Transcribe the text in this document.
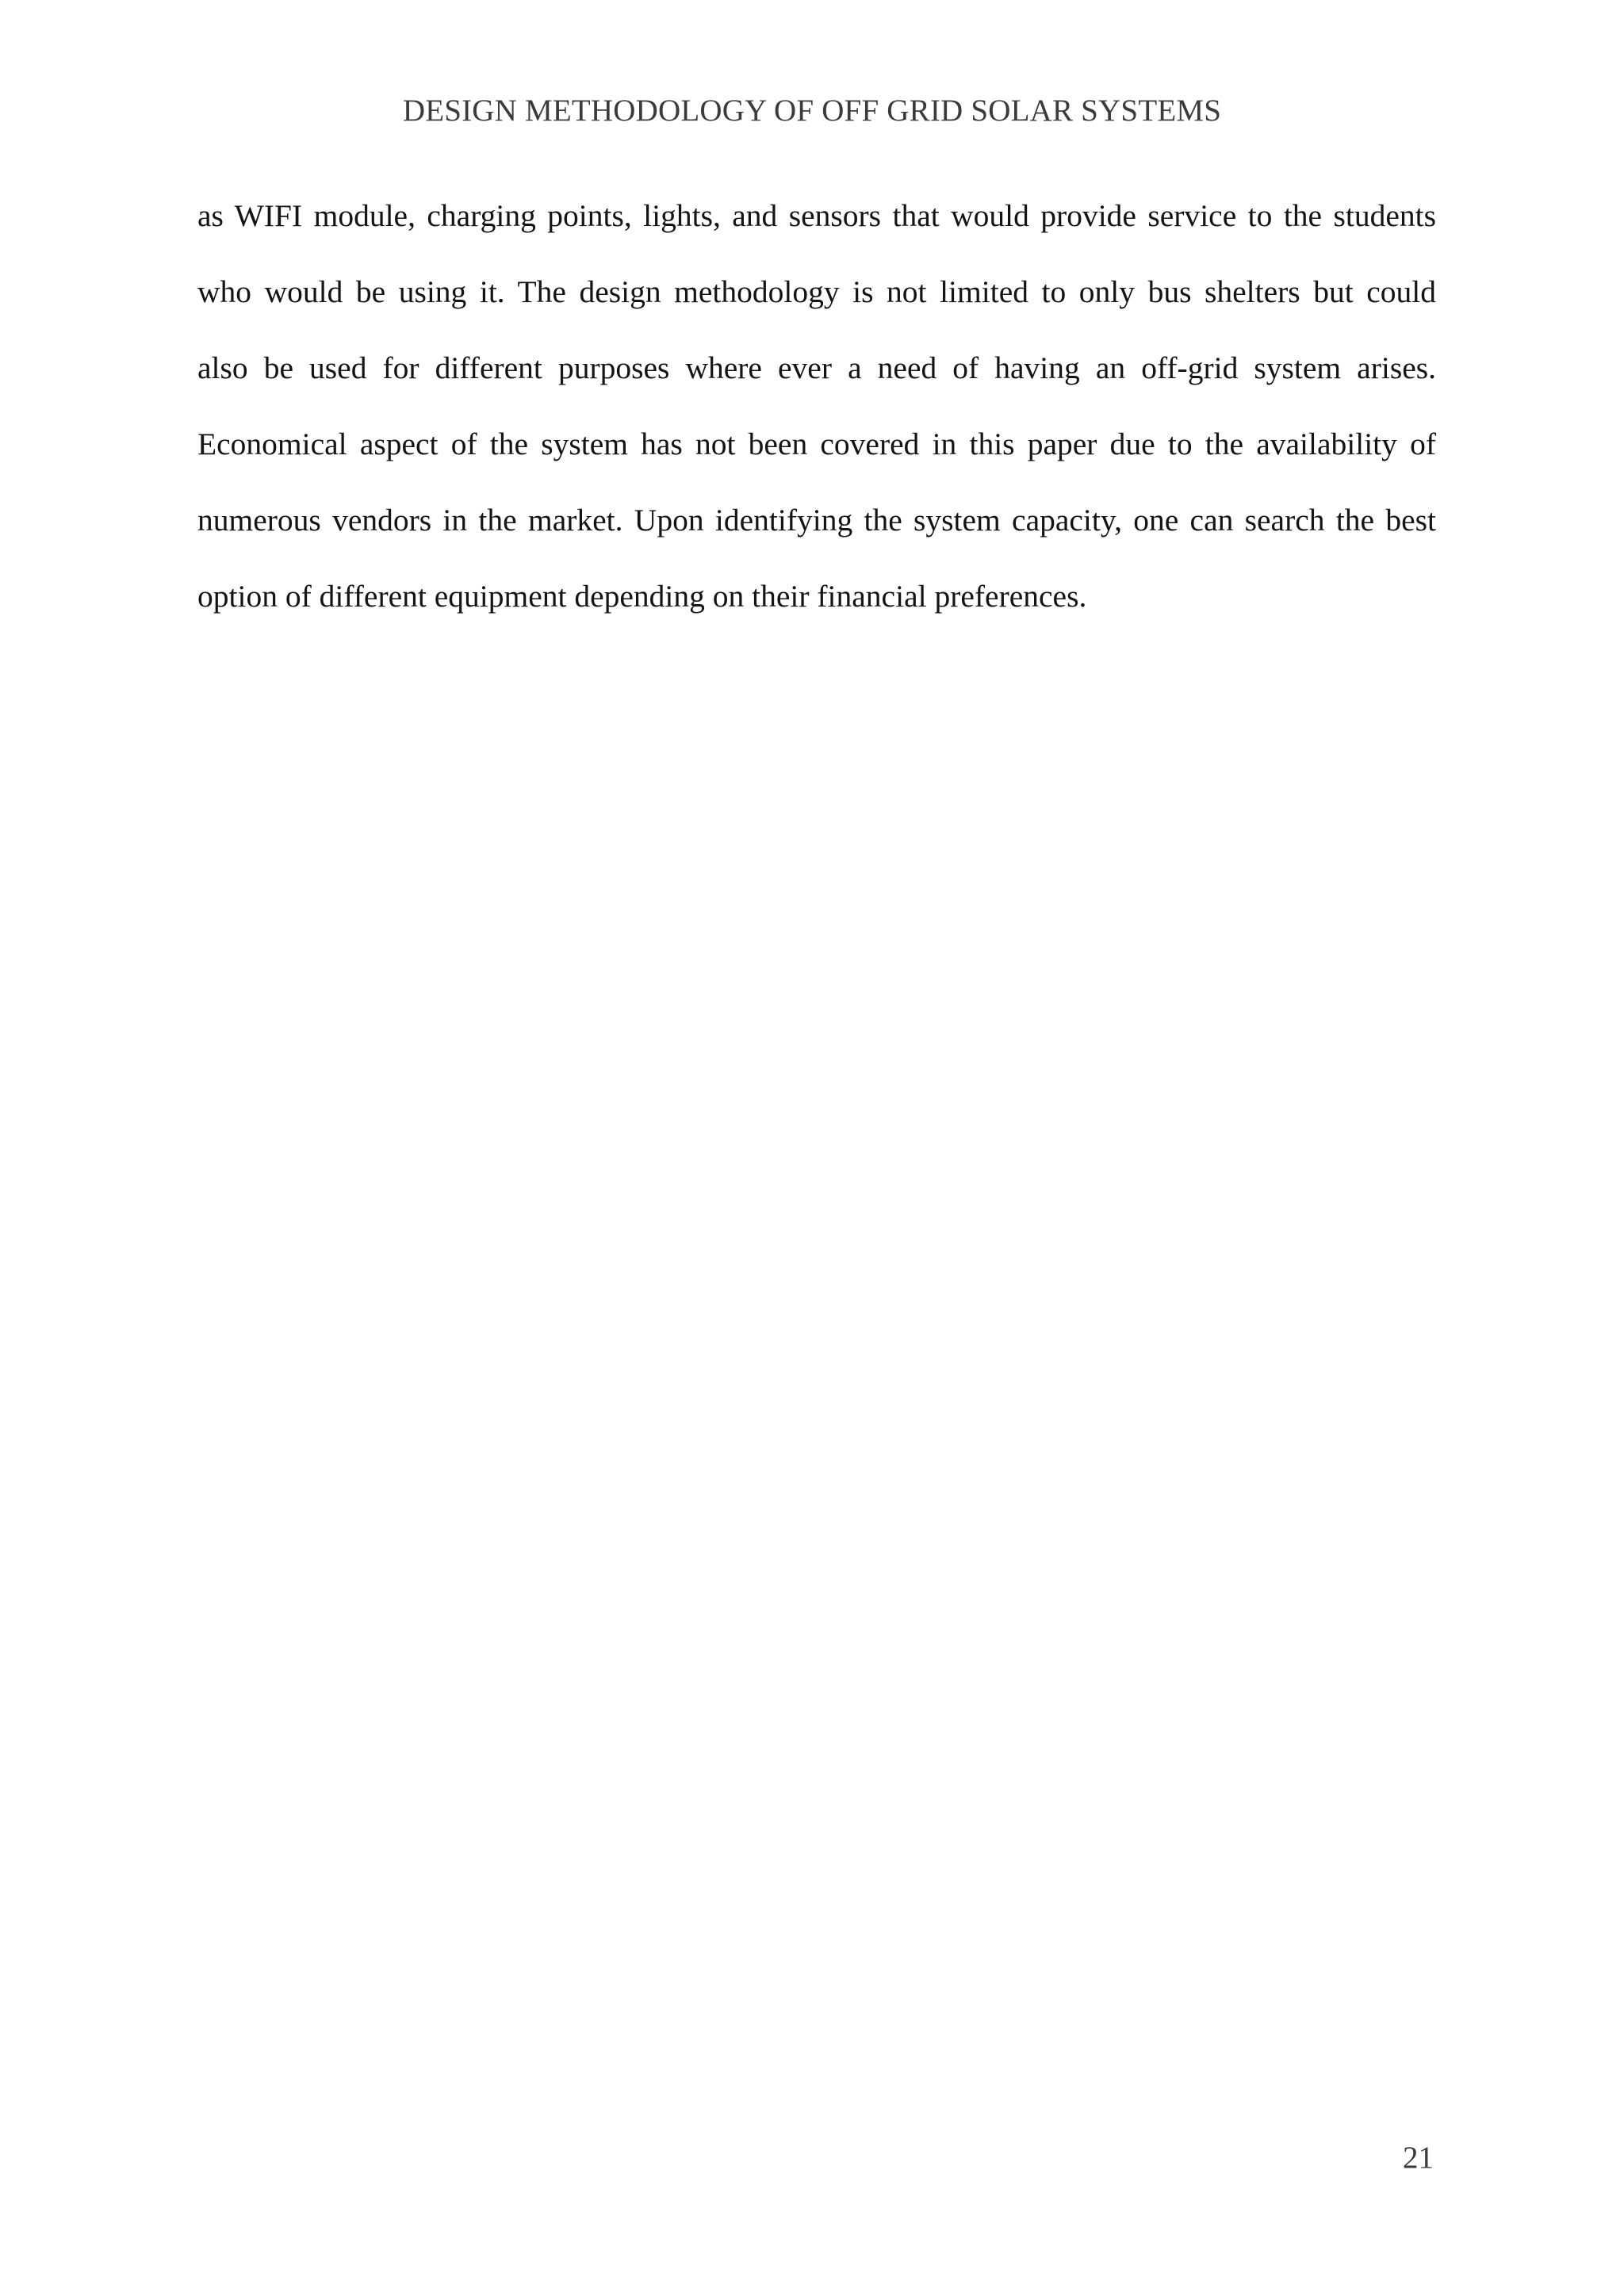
DESIGN METHODOLOGY OF OFF GRID SOLAR SYSTEMS
as WIFI module, charging points, lights, and sensors that would provide service to the students
who would be using it. The design methodology is not limited to only bus shelters but could
also be used for different purposes where ever a need of having an off-grid system arises.
Economical aspect of the system has not been covered in this paper due to the availability of
numerous vendors in the market. Upon identifying the system capacity, one can search the best
option of different equipment depending on their financial preferences.
21
